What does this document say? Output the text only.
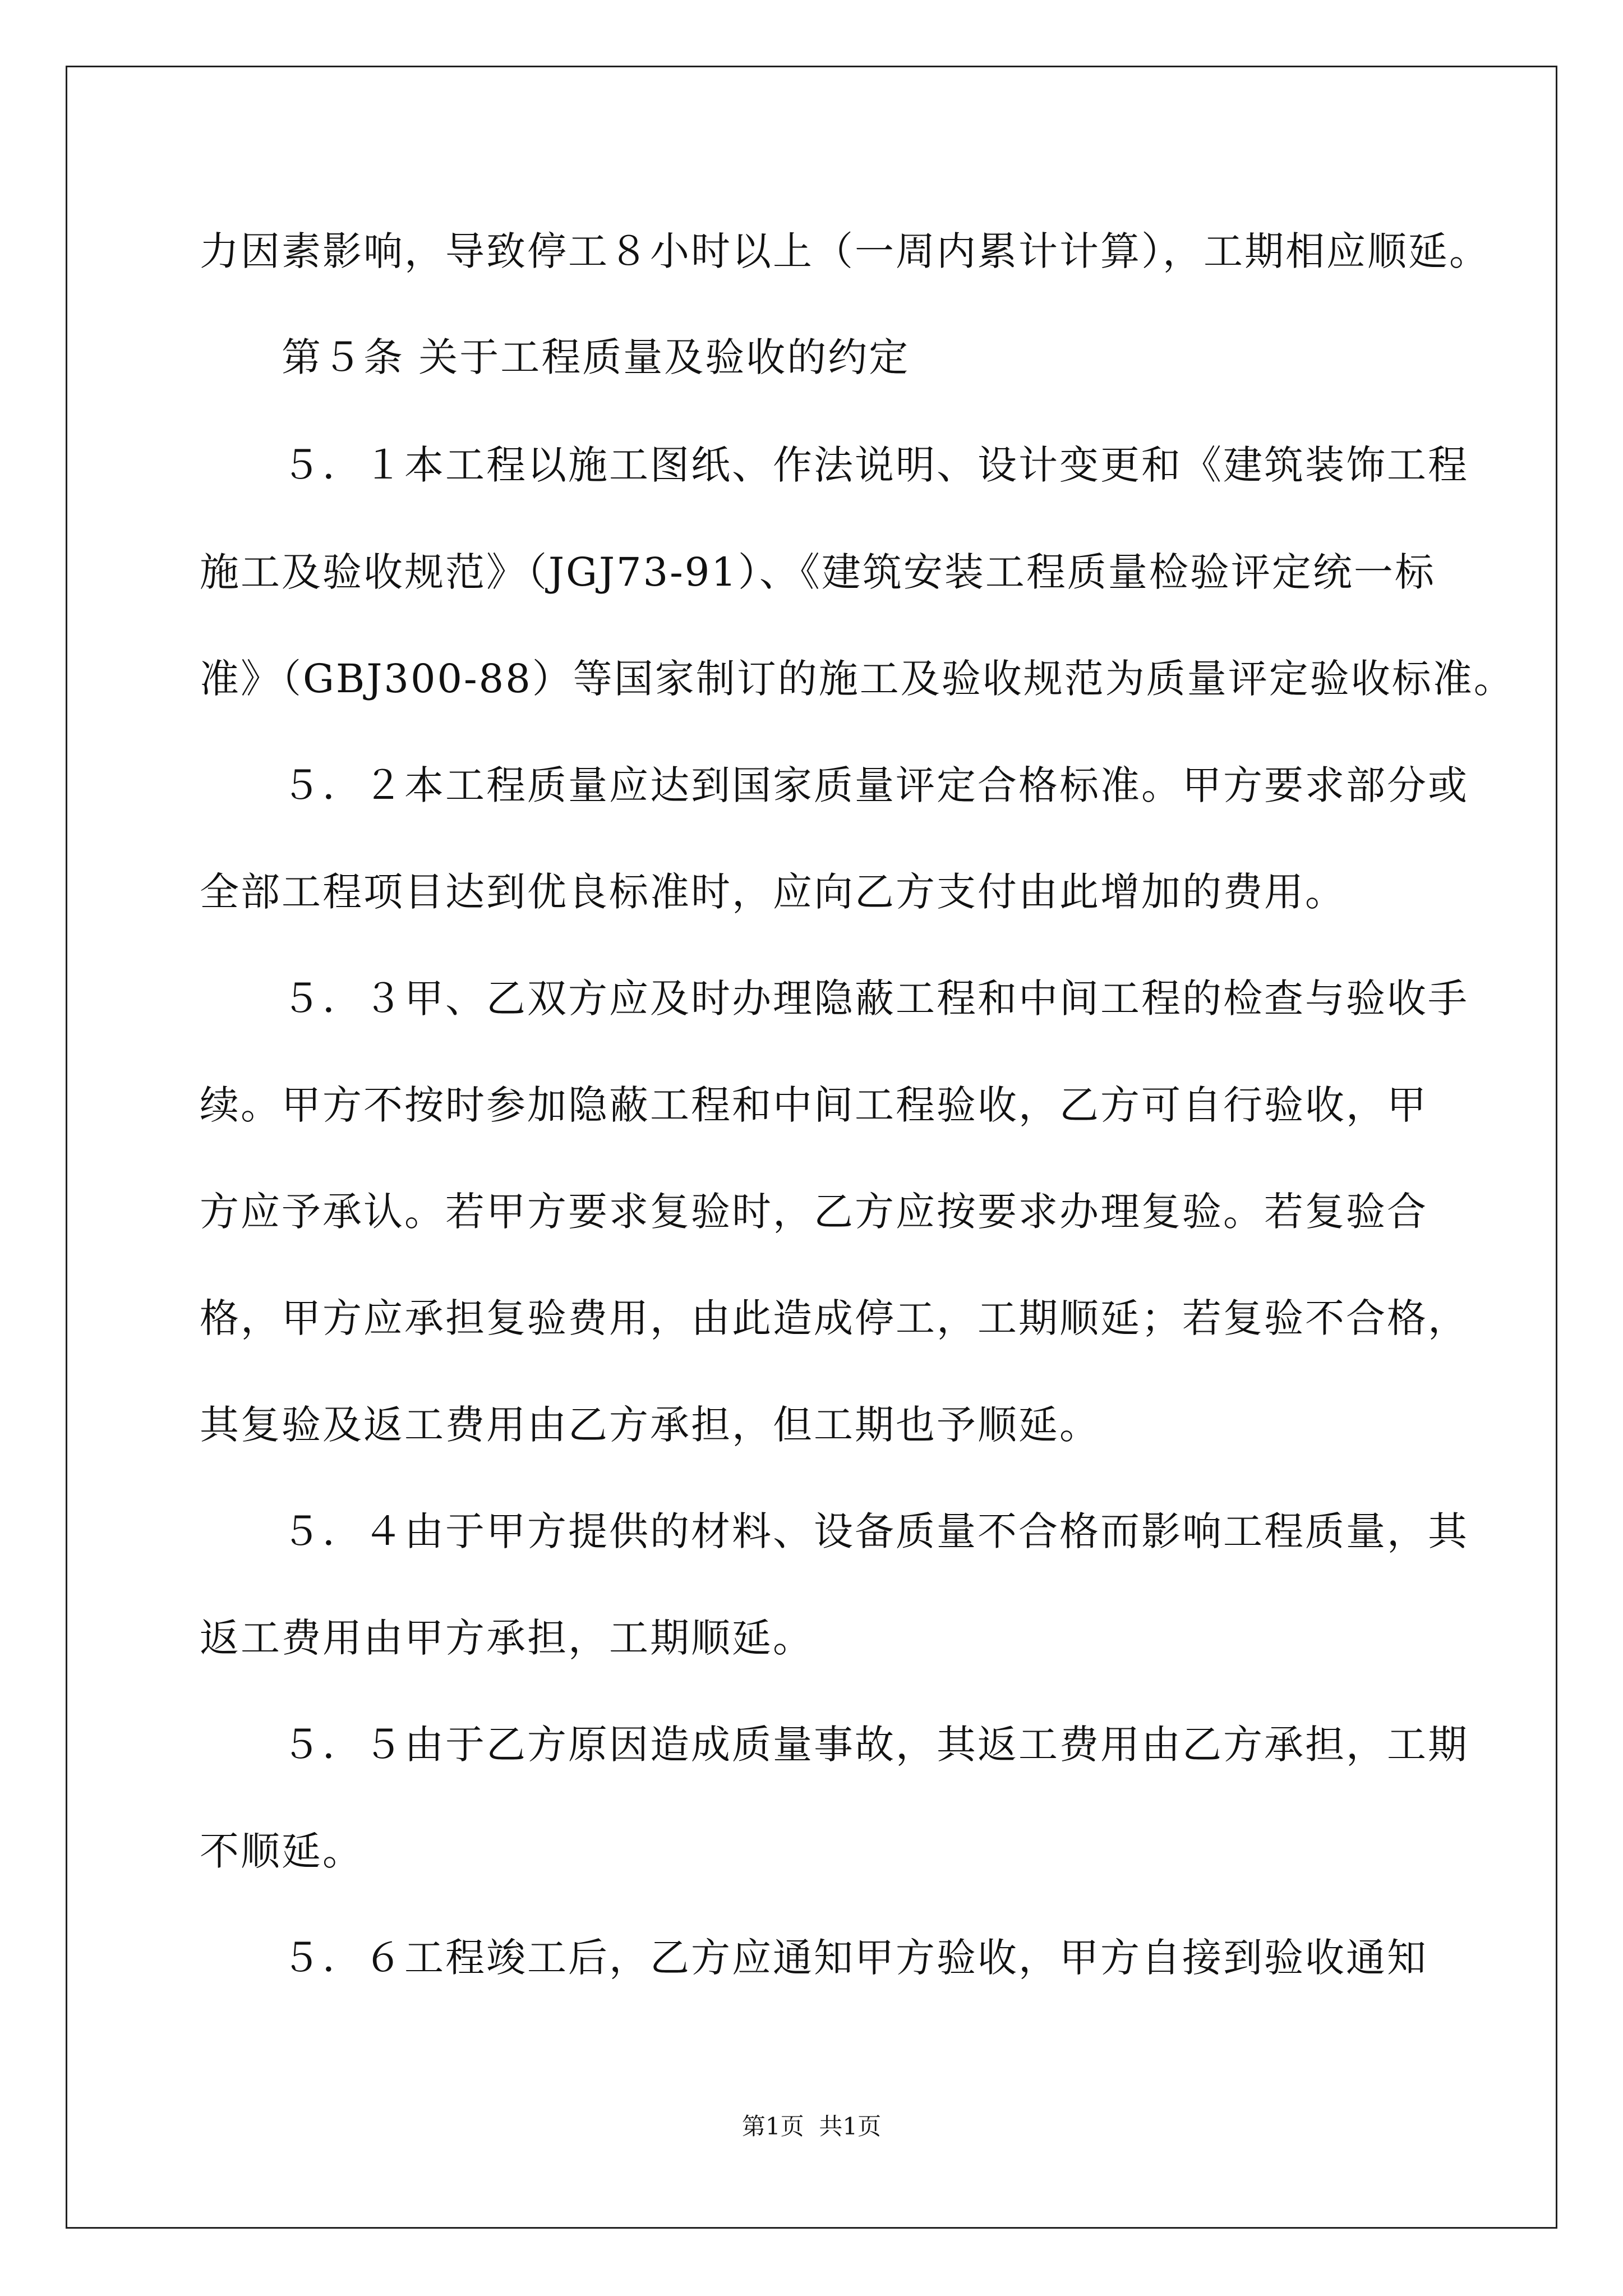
力因素影响，导致停工８小时以上（一周内累计计算），工期相应顺延。
　　第５条 关于工程质量及验收的约定
　　５．１本工程以施工图纸、作法说明、设计变更和《建筑装饰工程
施工及验收规范》（JGJ73-91）、《建筑安装工程质量检验评定统一标
准》（GBJ300-88）等国家制订的施工及验收规范为质量评定验收标准。
　　５．２本工程质量应达到国家质量评定合格标准。甲方要求部分或
全部工程项目达到优良标准时，应向乙方支付由此增加的费用。
　　５．３甲、乙双方应及时办理隐蔽工程和中间工程的检查与验收手
续。甲方不按时参加隐蔽工程和中间工程验收，乙方可自行验收，甲
方应予承认。若甲方要求复验时，乙方应按要求办理复验。若复验合
格，甲方应承担复验费用，由此造成停工，工期顺延；若复验不合格，
其复验及返工费用由乙方承担，但工期也予顺延。
　　５．４由于甲方提供的材料、设备质量不合格而影响工程质量，其
返工费用由甲方承担，工期顺延。
　　５．５由于乙方原因造成质量事故，其返工费用由乙方承担，工期
不顺延。
　　５．６工程竣工后，乙方应通知甲方验收，甲方自接到验收通知
第1页  共1页
